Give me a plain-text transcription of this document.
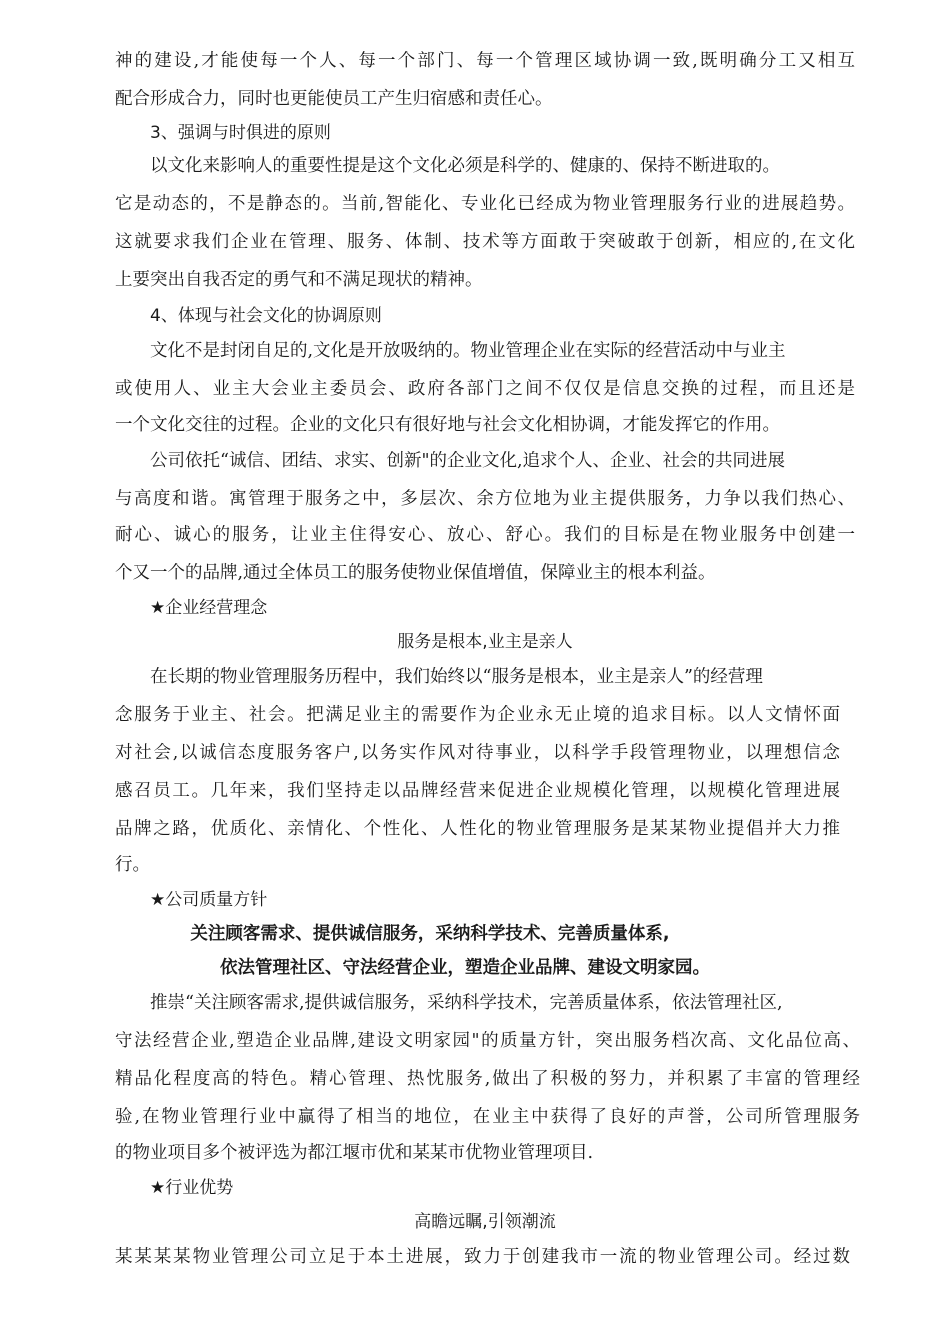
神的建设,才能使每一个人、每一个部门、每一个管理区域协调一致,既明确分工又相互
配合形成合力，同时也更能使员工产生归宿感和责任心。
3、强调与时俱进的原则
以文化来影响人的重要性提是这个文化必须是科学的、健康的、保持不断进取的。
它是动态的，不是静态的。当前,智能化、专业化已经成为物业管理服务行业的进展趋势。
这就要求我们企业在管理、服务、体制、技术等方面敢于突破敢于创新，相应的,在文化
上要突出自我否定的勇气和不满足现状的精神。
4、体现与社会文化的协调原则
文化不是封闭自足的,文化是开放吸纳的。物业管理企业在实际的经营活动中与业主
或使用人、业主大会业主委员会、政府各部门之间不仅仅是信息交换的过程，而且还是
一个文化交往的过程。企业的文化只有很好地与社会文化相协调，才能发挥它的作用。
公司依托“诚信、团结、求实、创新"的企业文化,追求个人、企业、社会的共同进展
与高度和谐。寓管理于服务之中，多层次、余方位地为业主提供服务，力争以我们热心、
耐心、诚心的服务，让业主住得安心、放心、舒心。我们的目标是在物业服务中创建一
个又一个的品牌,通过全体员工的服务使物业保值增值，保障业主的根本利益。
★企业经营理念
服务是根本,业主是亲人
在长期的物业管理服务历程中，我们始终以“服务是根本，业主是亲人”的经营理
念服务于业主、社会。把满足业主的需要作为企业永无止境的追求目标。以人文情怀面
对社会,以诚信态度服务客户,以务实作风对待事业，以科学手段管理物业，以理想信念
感召员工。几年来，我们坚持走以品牌经营来促进企业规模化管理，以规模化管理进展
品牌之路，优质化、亲情化、个性化、人性化的物业管理服务是某某物业提倡并大力推
行。
★公司质量方针
关注顾客需求、提供诚信服务，采纳科学技术、完善质量体系,
依法管理社区、守法经营企业，塑造企业品牌、建设文明家园。
推崇“关注顾客需求,提供诚信服务，采纳科学技术，完善质量体系，依法管理社区,
守法经营企业,塑造企业品牌,建设文明家园"的质量方针，突出服务档次高、文化品位高、
精品化程度高的特色。精心管理、热忱服务,做出了积极的努力，并积累了丰富的管理经
验,在物业管理行业中赢得了相当的地位，在业主中获得了良好的声誉，公司所管理服务
的物业项目多个被评选为都江堰市优和某某市优物业管理项目.
★行业优势
高瞻远瞩,引领潮流
某某某某物业管理公司立足于本土进展，致力于创建我市一流的物业管理公司。经过数
